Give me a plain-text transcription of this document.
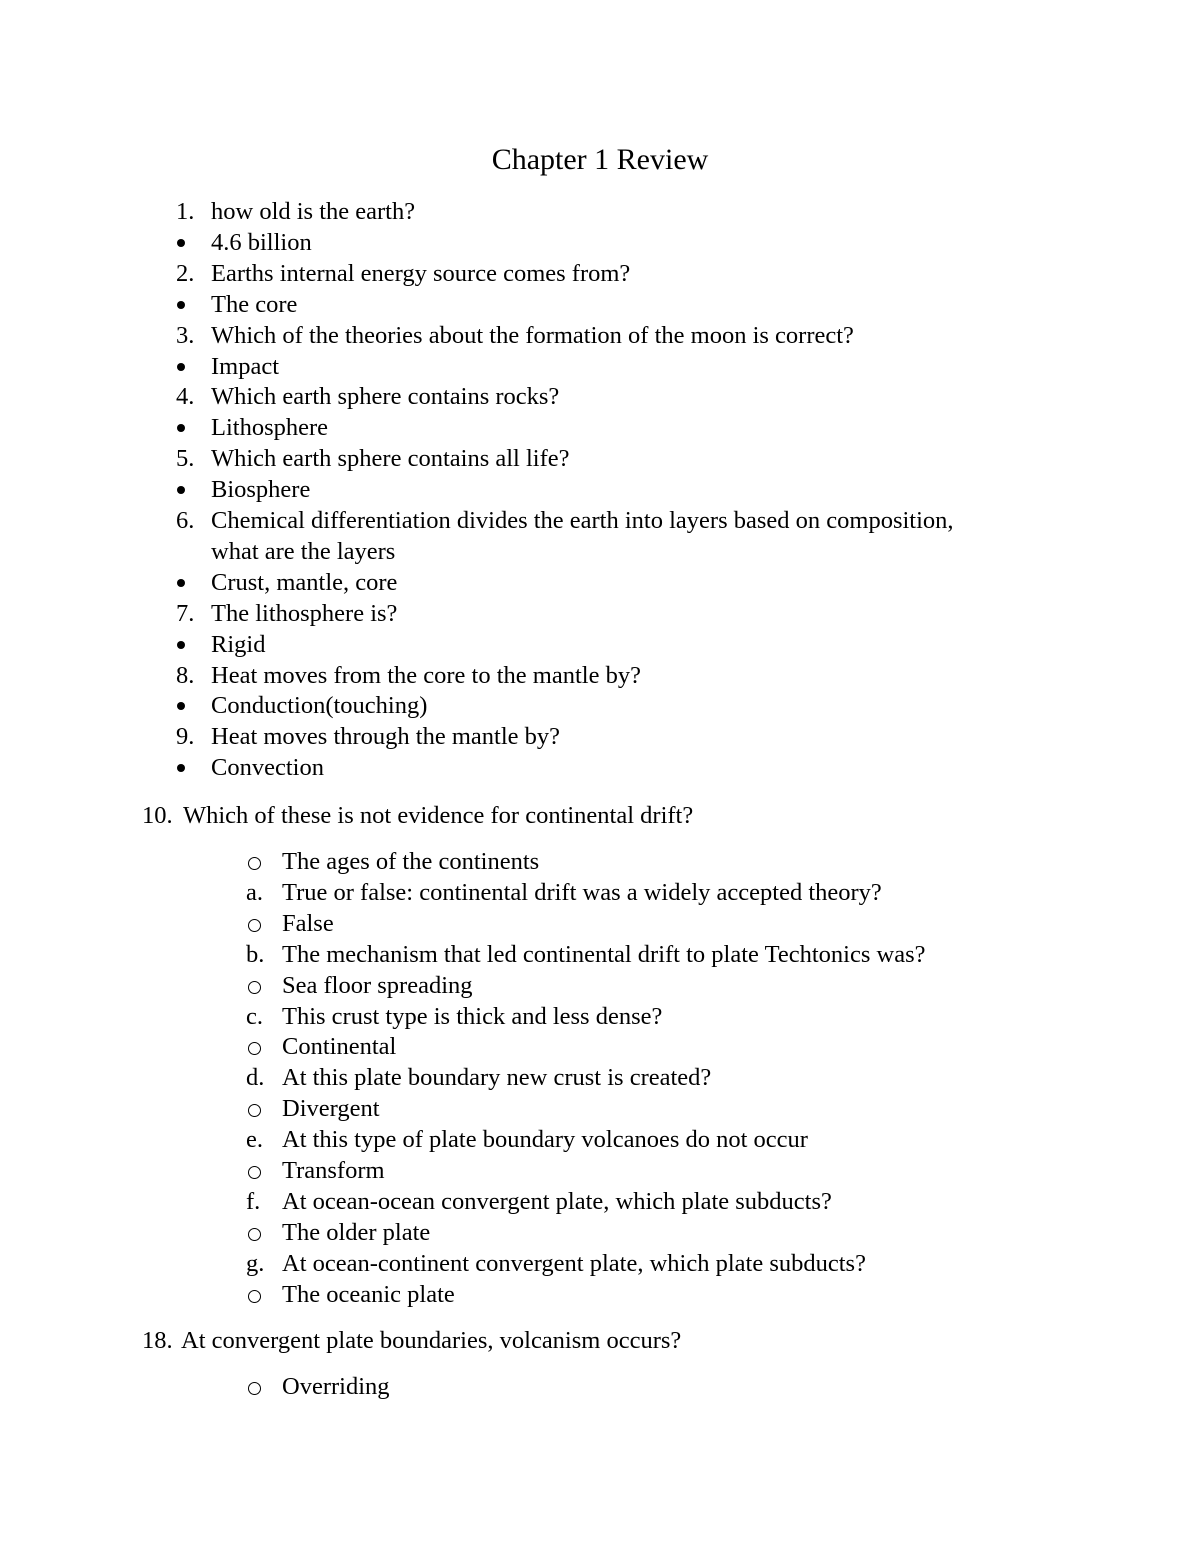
Chapter 1 Review
1. how old is the earth?
4.6 billion
2. Earths internal energy source comes from?
The core
3. Which of the theories about the formation of the moon is correct?
Impact
4. Which earth sphere contains rocks?
Lithosphere
5. Which earth sphere contains all life?
Biosphere
6. Chemical differentiation divides the earth into layers based on composition,
what are the layers
Crust, mantle, core
7. The lithosphere is?
Rigid
8. Heat moves from the core to the mantle by?
Conduction(touching)
9. Heat moves through the mantle by?
Convection
The ages of the continents
a. True or false: continental drift was a widely accepted theory?
False
b. The mechanism that led continental drift to plate Techtonics was?
Sea floor spreading
c. This crust type is thick and less dense?
Continental
d. At this plate boundary new crust is created?
Divergent
e. At this type of plate boundary volcanoes do not occur
Transform
f. At ocean-ocean convergent plate, which plate subducts?
The older plate
g. At ocean-continent convergent plate, which plate subducts?
The oceanic plate
Overriding
10. Which of these is not evidence for continental drift?
18. At convergent plate boundaries, volcanism occurs?
